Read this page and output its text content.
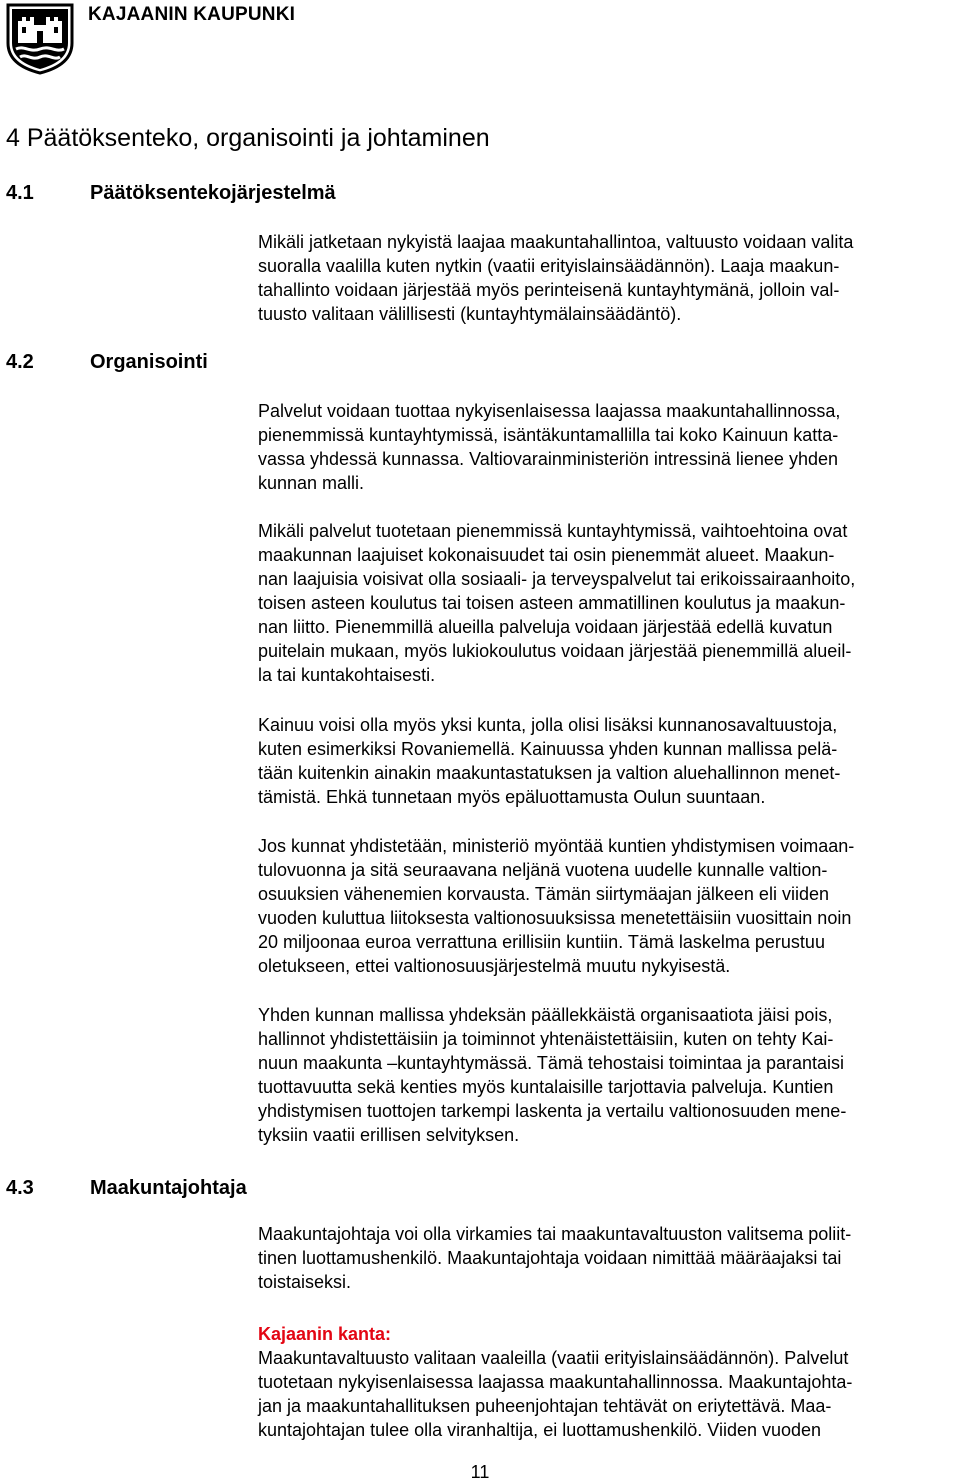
KAJAANIN KAUPUNKI
4 Päätöksenteko, organisointi ja johtaminen
4.1	Päätöksentekojärjestelmä
4.2	Organisointi
4.3	Maakuntajohtaja
Mikäli jatketaan nykyistä laajaa maakuntahallintoa, valtuusto voidaan valita
suoralla vaalilla kuten nytkin (vaatii erityislainsäädännön). Laaja maakun-
tahallinto voidaan järjestää myös perinteisenä kuntayhtymänä, jolloin val-
tuusto valitaan välillisesti (kuntayhtymälainsäädäntö).
Palvelut voidaan tuottaa nykyisenlaisessa laajassa maakuntahallinnossa,
pienemmissä kuntayhtymissä, isäntäkuntamallilla tai koko Kainuun katta-
vassa yhdessä kunnassa. Valtiovarainministeriön intressinä lienee yhden
kunnan malli.
Mikäli palvelut tuotetaan pienemmissä kuntayhtymissä, vaihtoehtoina ovat
maakunnan laajuiset kokonaisuudet tai osin pienemmät alueet. Maakun-
nan laajuisia voisivat olla sosiaali- ja terveyspalvelut tai erikoissairaanhoito,
toisen asteen koulutus tai toisen asteen ammatillinen koulutus ja maakun-
nan liitto. Pienemmillä alueilla palveluja voidaan järjestää edellä kuvatun
puitelain mukaan, myös lukiokoulutus voidaan järjestää pienemmillä alueil-
la tai kuntakohtaisesti.
Kainuu voisi olla myös yksi kunta, jolla olisi lisäksi kunnanosavaltuustoja,
kuten esimerkiksi Rovaniemellä. Kainuussa yhden kunnan mallissa pelä-
tään kuitenkin ainakin maakuntastatuksen ja valtion aluehallinnon menet-
tämistä. Ehkä tunnetaan myös epäluottamusta Oulun suuntaan.
Jos kunnat yhdistetään, ministeriö myöntää kuntien yhdistymisen voimaan-
tulovuonna ja sitä seuraavana neljänä vuotena uudelle kunnalle valtion-
osuuksien vähenemien korvausta. Tämän siirtymäajan jälkeen eli viiden
vuoden kuluttua liitoksesta valtionosuuksissa menetettäisiin vuosittain noin
20 miljoonaa euroa verrattuna erillisiin kuntiin. Tämä laskelma perustuu
oletukseen, ettei valtionosuusjärjestelmä muutu nykyisestä.
Yhden kunnan mallissa yhdeksän päällekkäistä organisaatiota jäisi pois,
hallinnot yhdistettäisiin ja toiminnot yhtenäistettäisiin, kuten on tehty Kai-
nuun maakunta –kuntayhtymässä. Tämä tehostaisi toimintaa ja parantaisi
tuottavuutta sekä kenties myös kuntalaisille tarjottavia palveluja. Kuntien
yhdistymisen tuottojen tarkempi laskenta ja vertailu valtionosuuden mene-
tyksiin vaatii erillisen selvityksen.
Maakuntajohtaja voi olla virkamies tai maakuntavaltuuston valitsema poliit-
tinen luottamushenkilö. Maakuntajohtaja voidaan nimittää määräajaksi tai
toistaiseksi.
Kajaanin kanta:
Maakuntavaltuusto valitaan vaaleilla (vaatii erityislainsäädännön). Palvelut
tuotetaan nykyisenlaisessa laajassa maakuntahallinnossa. Maakuntajohta-
jan ja maakuntahallituksen puheenjohtajan tehtävät on eriytettävä. Maa-
kuntajohtajan tulee olla viranhaltija, ei luottamushenkilö. Viiden vuoden
11
